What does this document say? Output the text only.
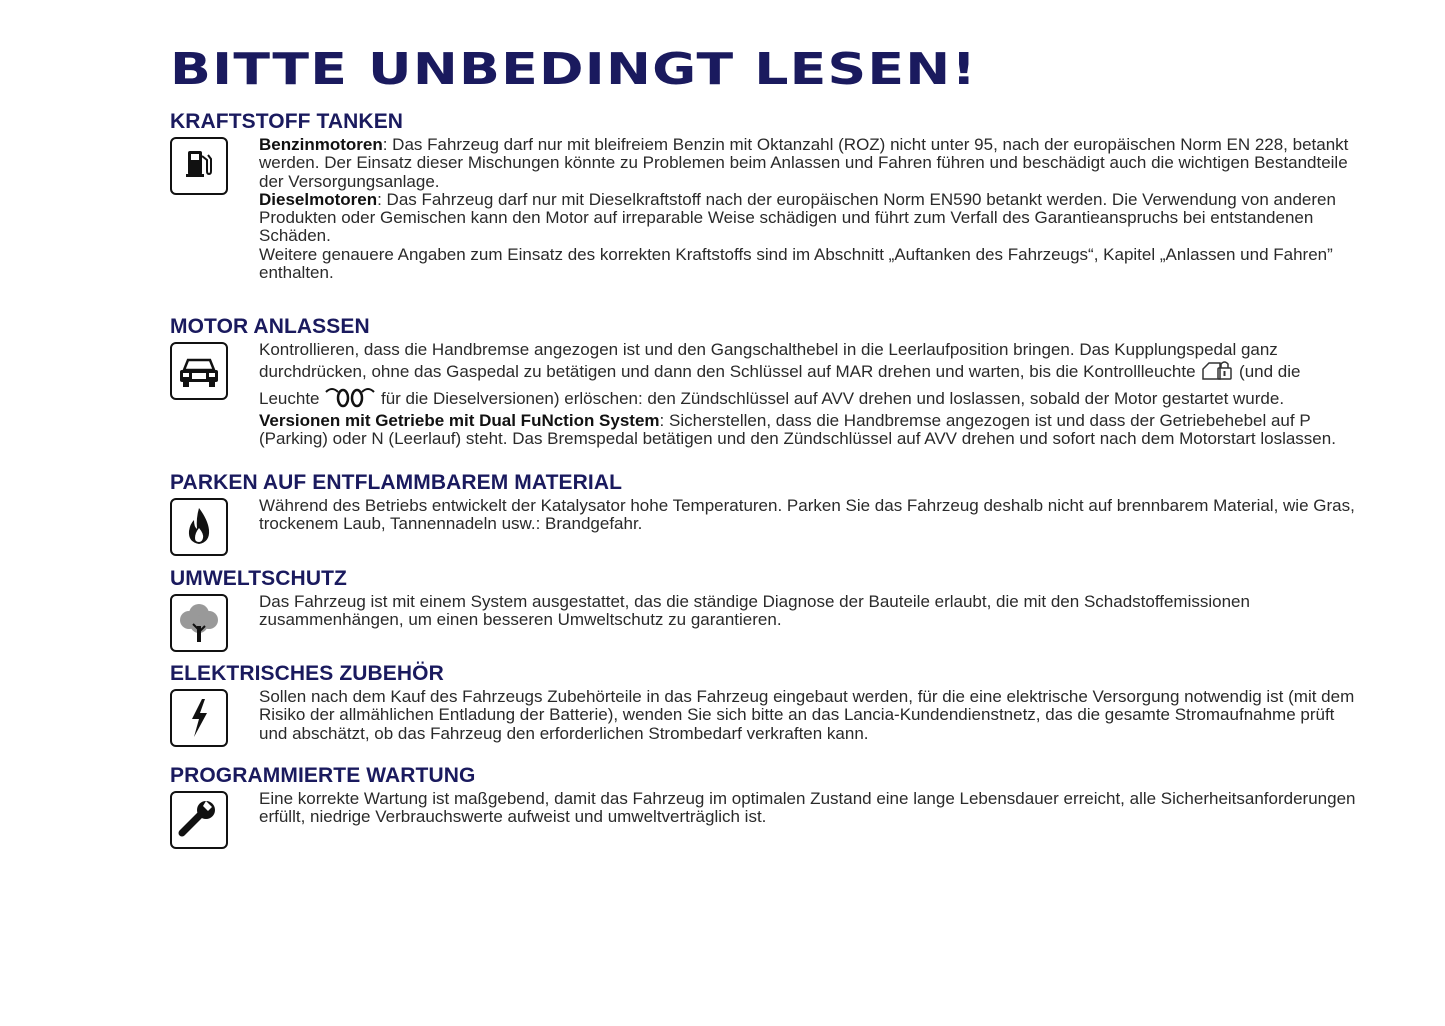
BITTE UNBEDINGT LESEN!
KRAFTSTOFF TANKEN

Benzinmotoren: Das Fahrzeug darf nur mit bleifreiem Benzin mit Oktanzahl (ROZ) nicht unter 95, nach der europäischen Norm EN 228, betankt werden. Der Einsatz dieser Mischungen könnte zu Problemen beim Anlassen und Fahren führen und beschädigt auch die wichtigen Bestandteile der Versorgungsanlage.

Dieselmotoren: Das Fahrzeug darf nur mit Dieselkraftstoff nach der europäischen Norm EN590 betankt werden. Die Verwendung von anderen Produkten oder Gemischen kann den Motor auf irreparable Weise schädigen und führt zum Verfall des Garantieanspruchs bei entstandenen Schäden.

Weitere genauere Angaben zum Einsatz des korrekten Kraftstoffs sind im Abschnitt „Auftanken des Fahrzeugs“, Kapitel „Anlassen und Fahren” enthalten.

MOTOR ANLASSEN

Kontrollieren, dass die Handbremse angezogen ist und den Gangschalthebel in die Leerlaufposition bringen. Das Kupplungspedal ganz durchdrücken, ohne das Gaspedal zu betätigen und dann den Schlüssel auf MAR drehen und warten, bis die Kontrollleuchte	(und die Leuchte	für die Dieselversionen) erlöschen: den Zündschlüssel auf AVV drehen und loslassen, sobald der Motor gestartet wurde.

Versionen mit Getriebe mit Dual FuNction System: Sicherstellen, dass die Handbremse angezogen ist und dass der Getriebehebel auf P (Parking) oder N (Leerlauf) steht. Das Bremspedal betätigen und den Zündschlüssel auf AVV drehen und sofort nach dem Motorstart loslassen.

PARKEN AUF ENTFLAMMBAREM MATERIAL

Während des Betriebs entwickelt der Katalysator hohe Temperaturen. Parken Sie das Fahrzeug deshalb nicht auf brennbarem Material, wie Gras, trockenem Laub, Tannennadeln usw.: Brandgefahr.

UMWELTSCHUTZ

Das Fahrzeug ist mit einem System ausgestattet, das die ständige Diagnose der Bauteile erlaubt, die mit den Schadstoffemissionen zusammenhängen, um einen besseren Umweltschutz zu garantieren.

ELEKTRISCHES ZUBEHÖR

Sollen nach dem Kauf des Fahrzeugs Zubehörteile in das Fahrzeug eingebaut werden, für die eine elektrische Versorgung notwendig ist (mit dem Risiko der allmählichen Entladung der Batterie), wenden Sie sich bitte an das Lancia-Kundendienstnetz, das die gesamte Stromaufnahme prüft und abschätzt, ob das Fahrzeug den erforderlichen Strombedarf verkraften kann.

PROGRAMMIERTE WARTUNG

Eine korrekte Wartung ist maßgebend, damit das Fahrzeug im optimalen Zustand eine lange Lebensdauer erreicht, alle Sicherheitsanforderungen erfüllt, niedrige Verbrauchswerte aufweist und umweltverträglich ist.
